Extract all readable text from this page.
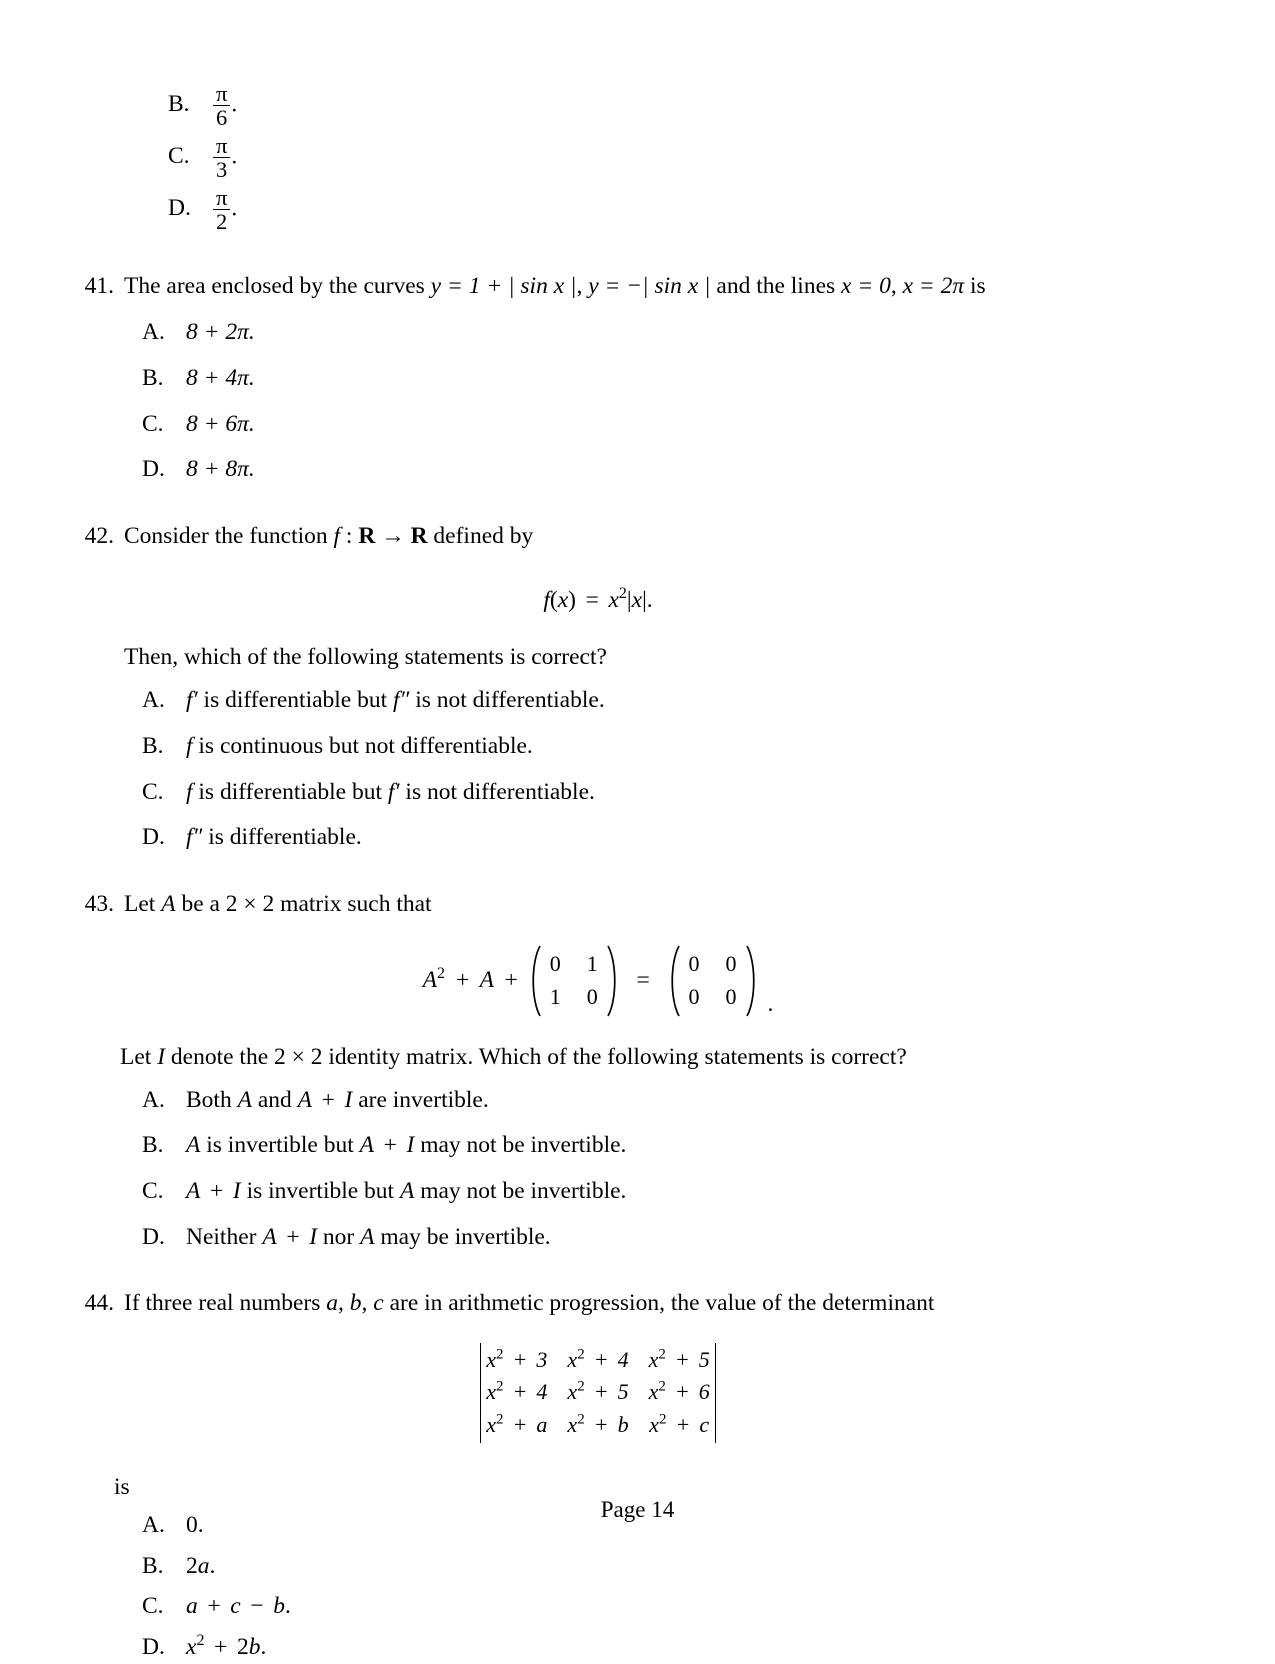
B.	$\frac{\pi}{6}$ .
C.	$\frac{\pi}{3}$ .
D. $\frac{\pi}{2}$ .
41. The area enclosed by the curves y = 1 + | sin x |, y = −| sin x | and the lines x = 0, x = 2π is
A. 8 + 2π.
B. 8 + 4π.
C. 8 + 6π.
D. 8 + 8π.
42. Consider the function f : R → R defined by
$f(x) = x^2|x|$.
Then, which of the following statements is correct?
A. f′ is differentiable but f″ is not differentiable.
B. f is continuous but not differentiable.
C. f is differentiable but f′ is not differentiable.
D. f″ is differentiable.
43. Let A be a 2 × 2 matrix such that
$A^2 + A$ +
0 1
1 0
=
0 0
0 0 .
Let I denote the 2 × 2 identity matrix. Which of the following statements is correct?
A. Both A and A + I are invertible.
B. A is invertible but A + I may not be invertible.
C. A + I is invertible but A may not be invertible.
D. Neither A + I nor A may be invertible.
44. If three real numbers a, b, c are in arithmetic progression, the value of the determinant
$x^2 + 3$ $x^2 + 4$ $x^2 + 5$
$x^2 + 4$ $x^2 + 5$ $x^2 + 6$
$x^2 + a$ $x^2 + b$ $x^2 + c$
is
A. 0.
B. 2a.
C. a + c − b.
D. $x^2 + 2b$.
Page 14
